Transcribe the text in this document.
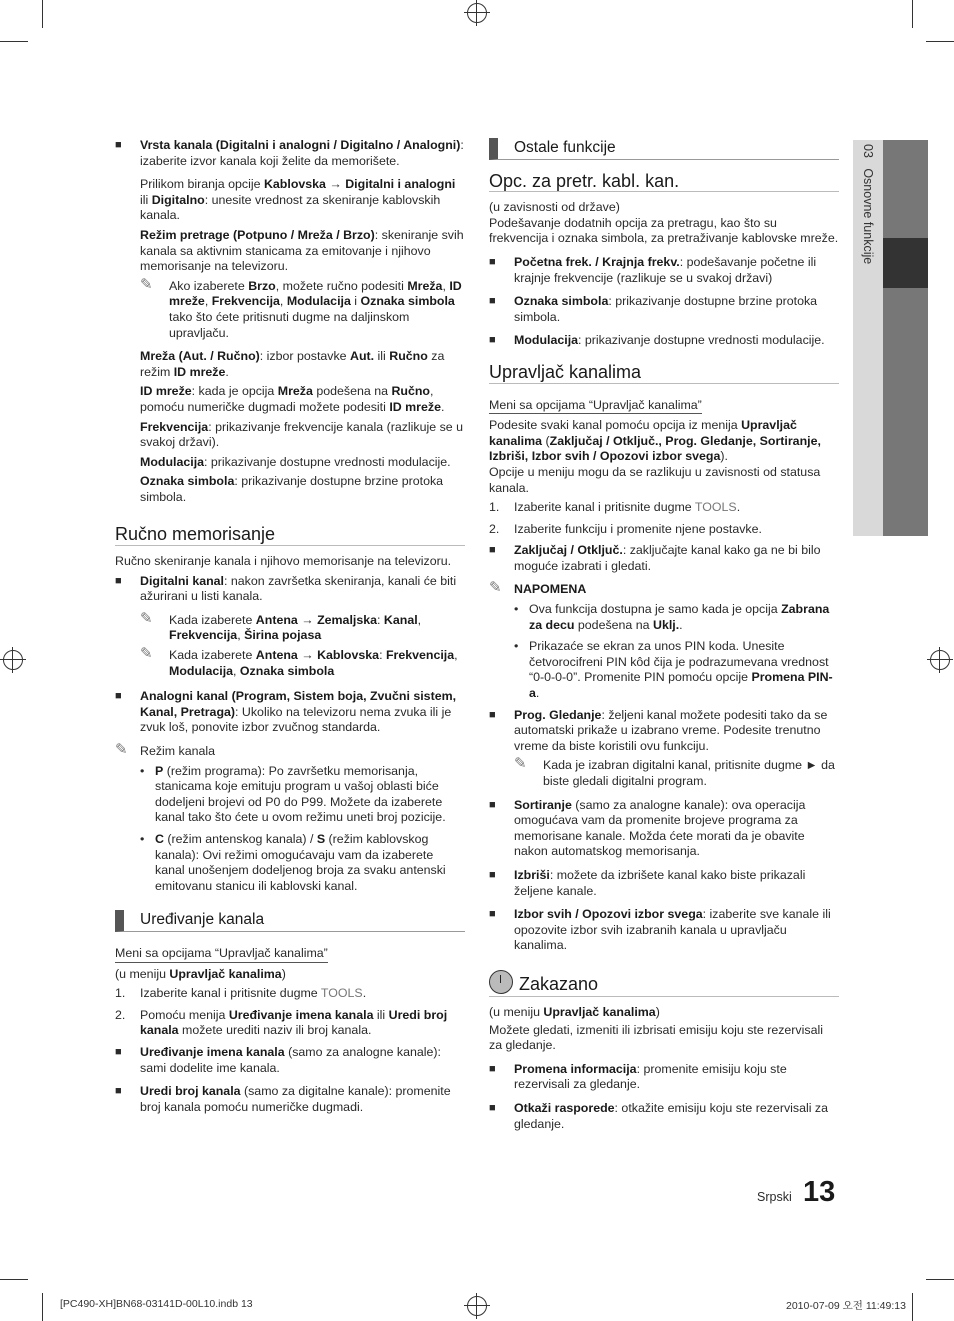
03   Osnovne funkcije
■ Vrsta kanala (Digitalni i analogni / Digitalno / Analogni): izaberite izvor kanala koji želite da memorišete.

Prilikom biranja opcije Kablovska → Digitalni i analogni ili Digitalno: unesite vrednost za skeniranje kablovskih kanala.

Režim pretrage (Potpuno / Mreža / Brzo): skeniranje svih kanala sa aktivnim stanicama za emitovanje i njihovo memorisanje na televizoru.

✎ Ako izaberete Brzo, možete ručno podesiti Mreža, ID mreže, Frekvencija, Modulacija i Oznaka simbola tako što ćete pritisnuti dugme na daljinskom upravljaču.

Mreža (Aut. / Ručno): izbor postavke Aut. ili Ručno za režim ID mreže.

ID mreže: kada je opcija Mreža podešena na Ručno, pomoću numeričke dugmadi možete podesiti ID mreže.

Frekvencija: prikazivanje frekvencije kanala (razlikuje se u svakoj državi).

Modulacija: prikazivanje dostupne vrednosti modulacije.

Oznaka simbola: prikazivanje dostupne brzine protoka simbola.

Ručno memorisanje

Ručno skeniranje kanala i njihovo memorisanje na televizoru.

■ Digitalni kanal: nakon završetka skeniranja, kanali će biti ažurirani u listi kanala.
✎ Kada izaberete Antena → Zemaljska: Kanal, Frekvencija, Širina pojasa
✎ Kada izaberete Antena → Kablovska: Frekvencija, Modulacija, Oznaka simbola
■ Analogni kanal (Program, Sistem boja, Zvučni sistem, Kanal, Pretraga): Ukoliko na televizoru nema zvuka ili je zvuk loš, ponovite izbor zvučnog standarda.
✎ Režim kanala
• P (režim programa): Po završetku memorisanja, stanicama koje emituju program u vašoj oblasti biće dodeljeni brojevi od P0 do P99. Možete da izaberete kanal tako što ćete u ovom režimu uneti broj pozicije.
• C (režim antenskog kanala) / S (režim kablovskog kanala): Ovi režimi omogućavaju vam da izaberete kanal unošenjem dodeljenog broja za svaku antenski emitovanu stanicu ili kablovski kanal.
Uređivanje kanala
Meni sa opcijama “Upravljač kanalima”

(u meniju Upravljač kanalima)

1. Izaberite kanal i pritisnite dugme TOOLS.
2. Pomoću menija Uređivanje imena kanala ili Uredi broj kanala možete urediti naziv ili broj kanala.
■ Uređivanje imena kanala (samo za analogne kanale): sami dodelite ime kanala.
■ Uredi broj kanala (samo za digitalne kanale): promenite broj kanala pomoću numeričke dugmadi.
Ostale funkcije
Opc. za pretr. kabl. kan.

(u zavisnosti od države)

Podešavanje dodatnih opcija za pretragu, kao što su frekvencija i oznaka simbola, za pretraživanje kablovske mreže.

■ Početna frek. / Krajnja frekv.: podešavanje početne ili krajnje frekvencije (razlikuje se u svakoj državi)
■ Oznaka simbola: prikazivanje dostupne brzine protoka simbola.
■ Modulacija: prikazivanje dostupne vrednosti modulacije.
Upravljač kanalima
Meni sa opcijama “Upravljač kanalima”

Podesite svaki kanal pomoću opcija iz menija Upravljač kanalima (Zaključaj / Otključ., Prog. Gledanje, Sortiranje, Izbriši, Izbor svih / Opozovi izbor svega).

Opcije u meniju mogu da se razlikuju u zavisnosti od statusa kanala.

1. Izaberite kanal i pritisnite dugme TOOLS.
2. Izaberite funkciju i promenite njene postavke.
■ Zaključaj / Otključ.: zaključajte kanal kako ga ne bi bilo moguće izabrati i gledati.
✎ NAPOMENA
• Ova funkcija dostupna je samo kada je opcija Zabrana za decu podešena na Uklj..
• Prikazaće se ekran za unos PIN koda. Unesite četvorocifreni PIN kôd čija je podrazumevana vrednost “0-0-0-0”. Promenite PIN pomoću opcije Promena PIN-a.
■ Prog. Gledanje: željeni kanal možete podesiti tako da se automatski prikaže u izabrano vreme. Podesite trenutno vreme da biste koristili ovu funkciju.
✎ Kada je izabran digitalni kanal, pritisnite dugme ► da biste gledali digitalni program.
■ Sortiranje (samo za analogne kanale): ova operacija omogućava vam da promenite brojeve programa za memorisane kanale. Možda ćete morati da je obavite nakon automatskog memorisanja.
■ Izbriši: možete da izbrišete kanal kako biste prikazali željene kanale.
■ Izbor svih / Opozovi izbor svega: izaberite sve kanale ili opozovite izbor svih izabranih kanala u upravljaču kanalima.
Zakazano

(u meniju Upravljač kanalima)

Možete gledati, izmeniti ili izbrisati emisiju koju ste rezervisali za gledanje.

■ Promena informacija: promenite emisiju koju ste rezervisali za gledanje.
■ Otkaži rasporede: otkažite emisiju koju ste rezervisali za gledanje.
Srpski 13
[PC490-XH]BN68-03141D-00L10.indb 13	2010-07-09 오전 11:49:13
